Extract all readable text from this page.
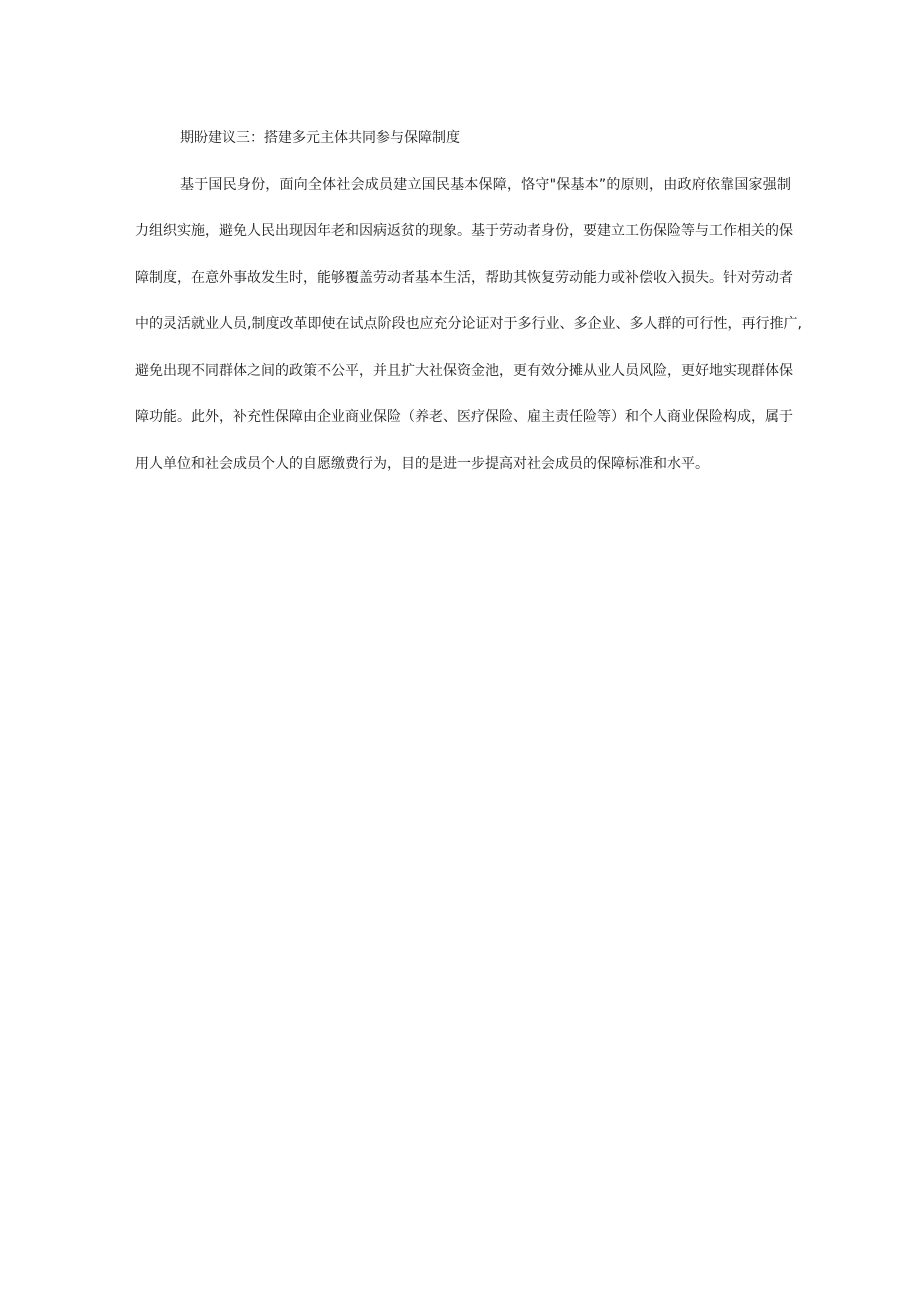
期盼建议三：搭建多元主体共同参与保障制度

基于国民身份，面向全体社会成员建立国民基本保障，恪守"保基本”的原则，由政府依靠国家强制

力组织实施，避免人民出现因年老和因病返贫的现象。基于劳动者身份，要建立工伤保险等与工作相关的保

障制度，在意外事故发生时，能够覆盖劳动者基本生活，帮助其恢复劳动能力或补偿收入损失。针对劳动者

中的灵活就业人员,制度改革即使在试点阶段也应充分论证对于多行业、多企业、多人群的可行性，再行推广,

避免出现不同群体之间的政策不公平，并且扩大社保资金池，更有效分摊从业人员风险，更好地实现群体保

障功能。此外，补充性保障由企业商业保险（养老、医疗保险、雇主责任险等）和个人商业保险构成，属于

用人单位和社会成员个人的自愿缴费行为，目的是进一步提高对社会成员的保障标准和水平。
